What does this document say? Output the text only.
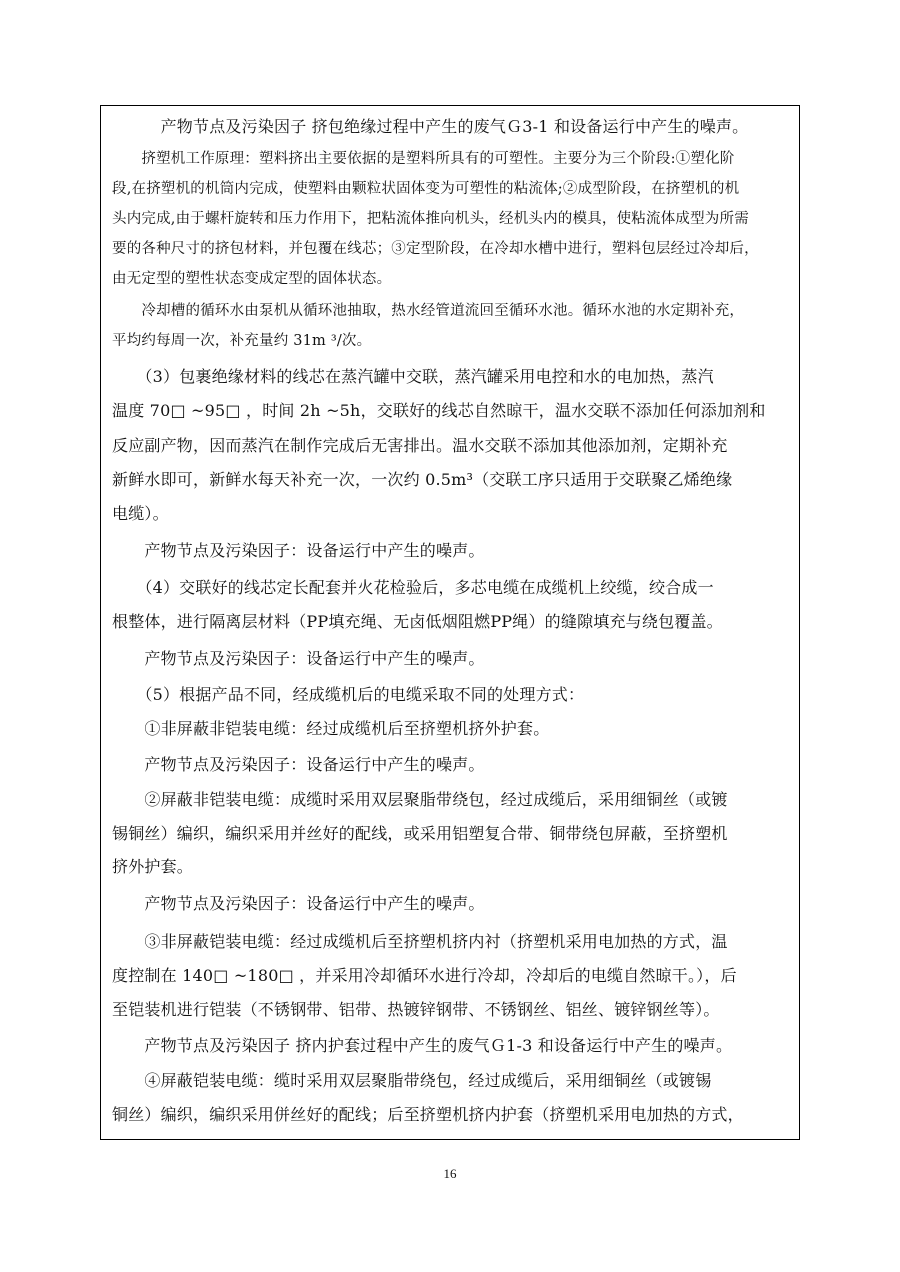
　　　产物节点及污染因子 挤包绝缘过程中产生的废气Ｇ3-1 和设备运行中产生的噪声。
　　挤塑机工作原理：塑料挤出主要依据的是塑料所具有的可塑性。主要分为三个阶段:①塑化阶
段,在挤塑机的机筒内完成，使塑料由颗粒状固体变为可塑性的粘流体;②成型阶段，在挤塑机的机
头内完成,由于螺杆旋转和压力作用下，把粘流体推向机头，经机头内的模具，使粘流体成型为所需
要的各种尺寸的挤包材料，并包覆在线芯；③定型阶段，在冷却水槽中进行，塑料包层经过冷却后，
由无定型的塑性状态变成定型的固体状态。
　　冷却槽的循环水由泵机从循环池抽取，热水经管道流回至循环水池。循环水池的水定期补充，
平均约每周一次，补充量约 31m ³/次。
　　（3）包裹绝缘材料的线芯在蒸汽罐中交联，蒸汽罐采用电控和水的电加热，蒸汽
温度 70□ ~95□ ，时间 2h ~5h，交联好的线芯自然晾干，温水交联不添加任何添加剂和
反应副产物，因而蒸汽在制作完成后无害排出。温水交联不添加其他添加剂，定期补充
新鲜水即可，新鲜水每天补充一次，一次约 0.5m³（交联工序只适用于交联聚乙烯绝缘
电缆）。
　　产物节点及污染因子：设备运行中产生的噪声。
　　（4）交联好的线芯定长配套并火花检验后，多芯电缆在成缆机上绞缆，绞合成一
根整体，进行隔离层材料（PP填充绳、无卤低烟阻燃PP绳）的缝隙填充与绕包覆盖。
　　产物节点及污染因子：设备运行中产生的噪声。
　　（5）根据产品不同，经成缆机后的电缆采取不同的处理方式：
　　①非屏蔽非铠装电缆：经过成缆机后至挤塑机挤外护套。
　　产物节点及污染因子：设备运行中产生的噪声。
　　②屏蔽非铠装电缆：成缆时采用双层聚脂带绕包，经过成缆后，采用细铜丝（或镀
锡铜丝）编织，编织采用并丝好的配线，或采用铝塑复合带、铜带绕包屏蔽，至挤塑机
挤外护套。
　　产物节点及污染因子：设备运行中产生的噪声。
　　③非屏蔽铠装电缆：经过成缆机后至挤塑机挤内衬（挤塑机采用电加热的方式，温
度控制在 140□ ~180□ ，并采用冷却循环水进行冷却，冷却后的电缆自然晾干。），后
至铠装机进行铠装（不锈钢带、铝带、热镀锌钢带、不锈钢丝、铝丝、镀锌钢丝等）。
　　产物节点及污染因子 挤内护套过程中产生的废气Ｇ1-3 和设备运行中产生的噪声。
　　④屏蔽铠装电缆：缆时采用双层聚脂带绕包，经过成缆后，采用细铜丝（或镀锡
铜丝）编织，编织采用併丝好的配线；后至挤塑机挤内护套（挤塑机采用电加热的方式，
16
